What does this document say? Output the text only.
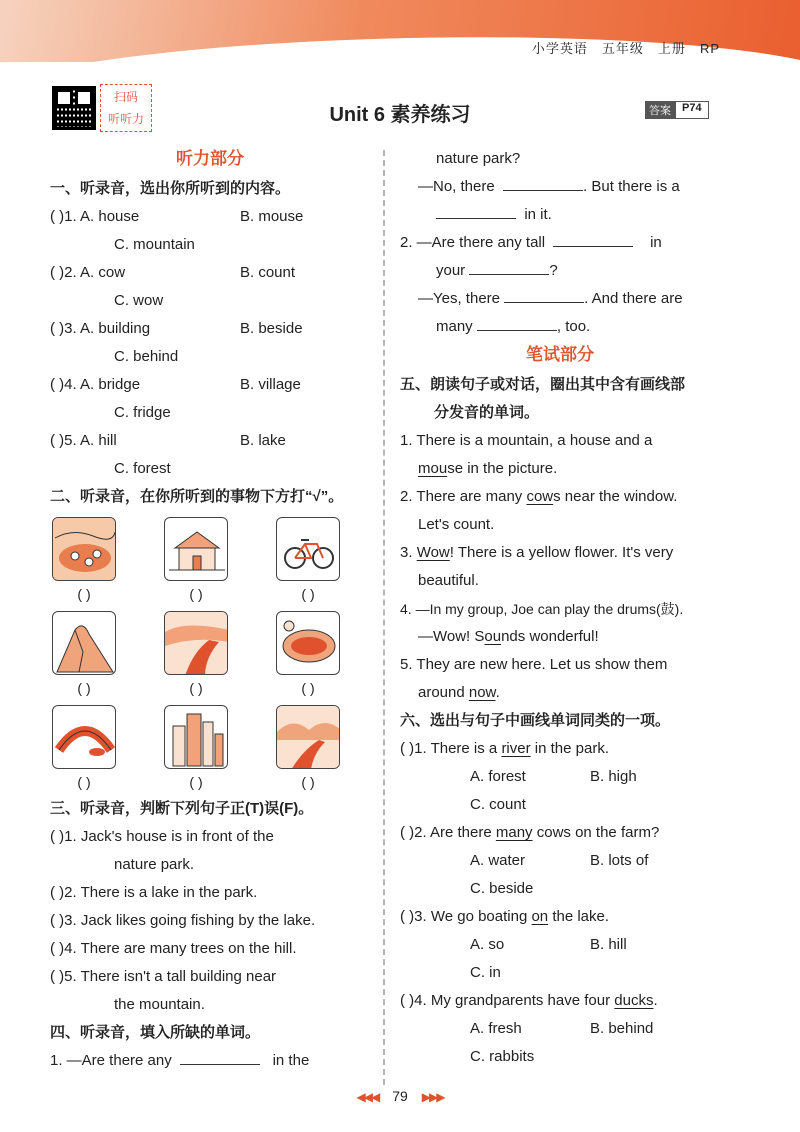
小学英语 五年级 上册 RP
扫码
听听力	Unit 6 素养练习	答案	P74
听力部分
一、听录音，选出你所听到的内容。
( )1. A. house	B. mouse
C. mountain
( )2. A. cow	B. count
C. wow
( )3. A. building	B. beside
C. behind
( )4. A. bridge	B. village
C. fridge
( )5. A. hill	B. lake
C. forest
二、听录音，在你所听到的事物下方打“√”。
( )	( )	( )
( )	( )	( )
( )	( )	( )
三、听录音，判断下列句子正(T)误(F)。
( )1. Jack's house is in front of the
nature park.
( )2. There is a lake in the park.
( )3. Jack likes going fishing by the lake.
( )4. There are many trees on the hill.
( )5. There isn't a tall building near
the mountain.
四、听录音，填入所缺的单词。
1. —Are there any	in the
nature park?
—No, there	. But there is a
in it.
2. —Are there any tall	in
your	?
—Yes, there	. And there are
many	, too.
笔试部分
五、朗读句子或对话，圈出其中含有画线部
分发音的单词。
1. There is a mountain, a house and a
mouse in the picture.
2. There are many cows near the window.
Let's count.
3. Wow! There is a yellow flower. It's very
beautiful.
4. —In my group, Joe can play the drums(鼓).
—Wow! Sounds wonderful!
5. They are new here. Let us show them
around now.
六、选出与句子中画线单词同类的一项。
( )1. There is a river in the park.
A. forest	B. high
C. count
( )2. Are there many cows on the farm?
A. water	B. lots of
C. beside
( )3. We go boating on the lake.
A. so	B. hill
C. in
( )4. My grandparents have four ducks.
A. fresh	B. behind
C. rabbits
◀◀◀ 79 ▶▶▶
